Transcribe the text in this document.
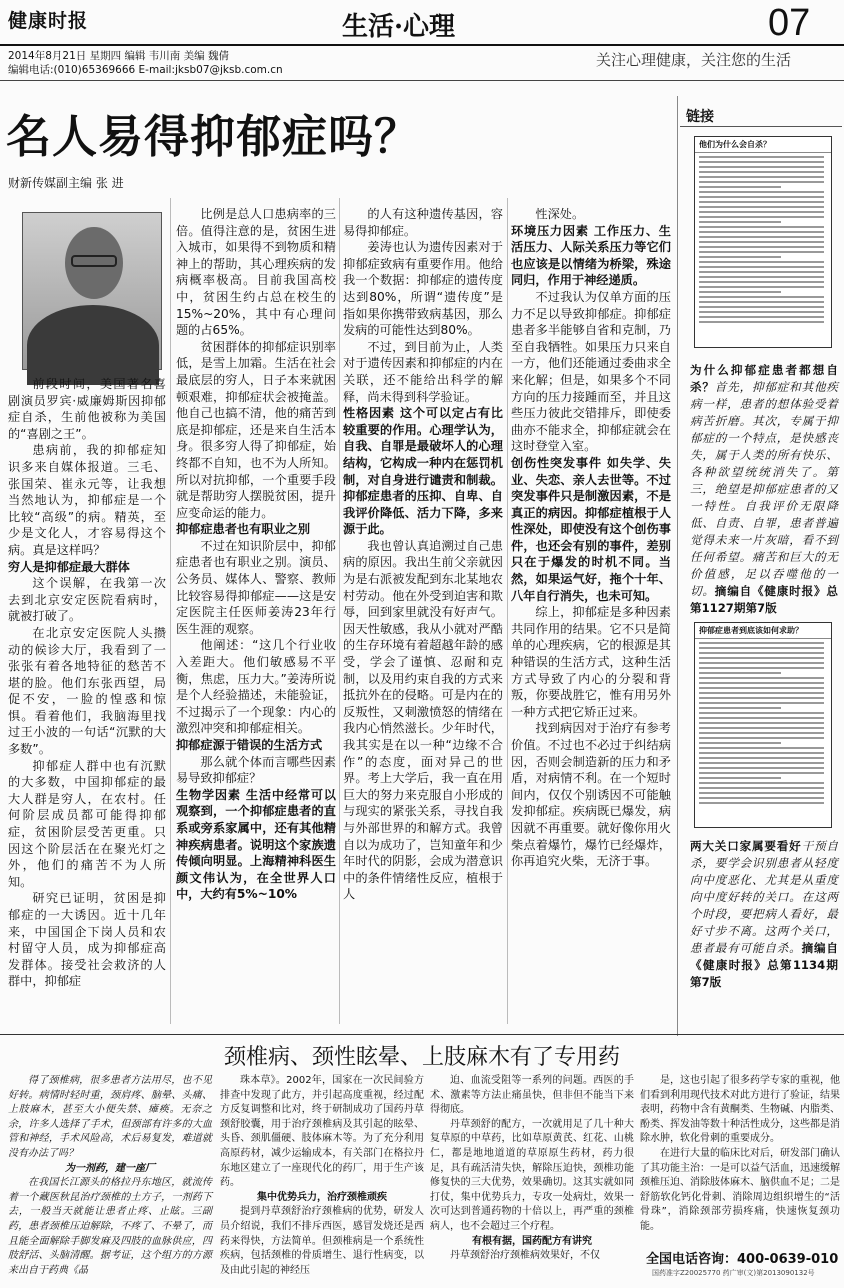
健康时报	生活·心理	07
2014年8月21日 星期四 编辑 韦川南 美编 魏倩
编辑电话:(010)65369666 E-mail:jksb07@jksb.com.cn
关注心理健康，关注您的生活
名人易得抑郁症吗？
财新传媒副主编 张 进

前段时间，美国著名喜剧演员罗宾·威廉姆斯因抑郁症自杀，生前他被称为美国的“喜剧之王”。

患病前，我的抑郁症知识多来自媒体报道。三毛、张国荣、崔永元等，让我想当然地认为，抑郁症是一个比较“高级”的病。精英，至少是文化人，才容易得这个病。真是这样吗？

穷人是抑郁症最大群体

这个误解，在我第一次去到北京安定医院看病时，就被打破了。

在北京安定医院人头攒动的候诊大厅，我看到了一张张有着各地特征的愁苦不堪的脸。他们东张西望，局促不安，一脸的惶惑和惊惧。看着他们，我脑海里找过王小波的一句话“沉默的大多数”。

抑郁症人群中也有沉默的大多数，中国抑郁症的最大人群是穷人，在农村。任何阶层成员都可能得抑郁症，贫困阶层受苦更重。只因这个阶层活在在聚光灯之外，他们的痛苦不为人所知。

研究已证明，贫困是抑郁症的一大诱因。近十几年来，中国国企下岗人员和农村留守人员，成为抑郁症高发群体。接受社会救济的人群中，抑郁症

比例是总人口患病率的三倍。值得注意的是，贫困生进入城市，如果得不到物质和精神上的帮助，其心理疾病的发病概率极高。目前我国高校中，贫困生约占总在校生的15%~20%，其中有心理问题的占65%。

贫困群体的抑郁症识别率低，是雪上加霜。生活在社会最底层的穷人，日子本来就困顿艰难，抑郁症状会被掩盖。他自己也搞不清，他的痛苦到底是抑郁症，还是来自生活本身。很多穷人得了抑郁症，始终都不自知，也不为人所知。所以对抗抑郁，一个重要手段就是帮助穷人摆脱贫困，提升应变命运的能力。

抑郁症患者也有职业之别

不过在知识阶层中，抑郁症患者也有职业之别。演员、公务员、媒体人、警察、教师比较容易得抑郁症——这是安定医院主任医师姜涛23年行医生涯的观察。

他阐述：“这几个行业收入差距大。他们敏感易不平衡，焦虑，压力大。”姜涛所说是个人经验描述，未能验证，不过揭示了一个现象：内心的激烈冲突和抑郁症相关。

抑郁症源于错误的生活方式

那么就个体而言哪些因素易导致抑郁症？

生物学因素 生活中经常可以观察到，一个抑郁症患者的直系或旁系家属中，还有其他精神疾病患者。说明这个家族遗传倾向明显。上海精神科医生颜文伟认为，在全世界人口中，大约有5%~10%

的人有这种遗传基因，容易得抑郁症。

姜涛也认为遗传因素对于抑郁症致病有重要作用。他给我一个数据：抑郁症的遗传度达到80%，所谓“遗传度”是指如果你携带致病基因，那么发病的可能性达到80%。

不过，到目前为止，人类对于遗传因素和抑郁症的内在关联，还不能给出科学的解释，尚未得到科学验证。

性格因素 这个可以定占有比较重要的作用。心理学认为，自我、自罪是最破坏人的心理结构，它构成一种内在惩罚机制，对自身进行谴责和制裁。抑郁症患者的压抑、自卑、自我评价降低、活力下降，多来源于此。

我也曾认真追溯过自己患病的原因。我出生前父亲就因为是右派被发配到东北某地农村劳动。他在外受到迫害和欺辱，回到家里就没有好声气。因天性敏感，我从小就对严酷的生存环境有着超越年龄的感受，学会了谨慎、忍耐和克制，以及用约束自我的方式来抵抗外在的侵略。可是内在的反叛性，又刺激愤怒的情绪在我内心悄然滋长。少年时代，我其实是在以一种“边缘不合作”的态度，面对异己的世界。考上大学后，我一直在用巨大的努力来克服自小形成的与现实的紧张关系，寻找自我与外部世界的和解方式。我曾自以为成功了，岂知童年和少年时代的阴影，会成为潜意识中的条件情绪性反应，植根于人

性深处。

环境压力因素 工作压力、生活压力、人际关系压力等它们也应该是以情绪为桥梁，殊途同归，作用于神经递质。

不过我认为仅单方面的压力不足以导致抑郁症。抑郁症患者多半能够自省和克制，乃至自我牺牲。如果压力只来自一方，他们还能通过委曲求全来化解；但是，如果多个不同方向的压力接踵而至，并且这些压力彼此交错排斥，即使委曲亦不能求全，抑郁症就会在这时登堂入室。

创伤性突发事件 如失学、失业、失恋、亲人去世等。不过突发事件只是制激因素，不是真正的病因。抑郁症植根于人性深处，即使没有这个创伤事件，也还会有别的事件，差别只在于爆发的时机不同。当然，如果运气好，拖个十年、八年自行消失，也未可知。

综上，抑郁症是多种因素共同作用的结果。它不只是简单的心理疾病，它的根源是其种错误的生活方式，这种生活方式导致了内心的分裂和背叛，你要战胜它，惟有用另外一种方式把它矫正过来。

找到病因对于治疗有参考价值。不过也不必过于纠结病因，否则会制造新的压力和矛盾，对病情不利。在一个短时间内，仅仅个别诱因不可能触发抑郁症。疾病既已爆发，病因就不再重要。就好像你用火柴点着爆竹，爆竹已经爆炸，你再追究火柴，无济于事。

链接
他们为什么会自杀？
为什么抑郁症患者都想自杀？首先，抑郁症和其他疾病一样，患者的想体验受着病苦折磨。其次，专属于抑郁症的一个特点，是快感丧失，属于人类的所有快乐、各种欲望统统消失了。第三，绝望是抑郁症患者的又一特性。自我评价无限降低、自责、自罪，患者普遍觉得未来一片灰暗，看不到任何希望。痛苦和巨大的无价值感，足以吞噬他的一切。摘编自《健康时报》总第1127期第7版
抑郁症患者到底该如何求助？
两大关口家属要看好干预自杀，要学会识别患者从轻度向中度恶化、尤其是从重度向中度好转的关口。在这两个时段，要把病人看好，最好寸步不离。这两个关口，患者最有可能自杀。摘编自《健康时报》总第1134期第7版
颈椎病、颈性眩晕、上肢麻木有了专用药

得了颈椎病，很多患者方法用尽，也不见好转。病情时轻时重，颈肩疼、脑晕、头痛、上肢麻木，甚至大小便失禁、瘫痪。无奈之余，许多人选择了手术，但颈部有许多的大血管和神经，手术风险高，术后易复发，难道就没有办法了吗？

为一剂药，建一座厂

在我国长江源头的格拉丹东地区，就流传着一个藏医秋昆治疗颈椎的土方子，一剂药下去，一般当天就能让患者止疼、止眩。三副药，患者颈椎压迫解除，不疼了、不晕了，而且能全面解除手脚发麻及四肢的血脉供应，四肢舒活、头脑清醒。据考证，这个组方的方源来出自于药典《晶

珠本草》。2002年，国家在一次民间验方排查中发现了此方，并引起高度重视，经过配方反复调整和比对，终于研制成功了国药丹草颈舒胶囊，用于治疗颈椎病及其引起的眩晕、头昏、颈肌僵硬、肢体麻木等。为了充分利用高原药材，减少运输成本，有关部门在格拉丹东地区建立了一座现代化的药厂，用于生产该药。

集中优势兵力，治疗颈椎顽疾

提到丹草颈舒治疗颈椎病的优势，研发人员介绍说，我们不排斥西医，感冒发烧还是西药来得快，方法简单。但颈椎病是一个系统性疾病，包括颈椎的骨质增生、退行性病变，以及由此引起的神经压

迫、血流受阻等一系列的问题。西医的手术、激素等方法止痛虽快，但非但不能当下来得彻底。

丹草颈舒的配方，一次就用足了几十种大复草原的中草药，比如草原黄芪、红花、山桃仁，都是地地道道的草原原生药材，药力很足，具有疏活清失快，解除压迫快，颈椎功能修复快的三大优势，效果确切。这其实就如同打仗，集中优势兵力，专攻一处病灶，效果一次可达到普通药物的十倍以上，再严重的颈椎病人，也不会超过三个疗程。

有根有据，国药配方有讲究

丹草颈舒治疗颈椎病效果好，不仅

是，这也引起了很多药学专家的重视，他们看到利用现代技术对此方进行了验证，结果表明，药物中含有黄酮类、生物碱、内脂类、酚类、挥发油等数十种活性成分，这些都是消除水肿，软化骨刺的重要成分。

在进行大量的临床比对后，研发部门确认了其功能主治：一是可以益气活血，迅速缓解颈椎压迫、消除肢体麻木、脑供血不足；二是舒筋软化钙化骨刺、消除周边组织增生的“活骨珠”，消除颈部劳损疼痛，快速恢复颈功能。

全国电话咨询：400-0639-010
国药准字Z20025770 药广审(文)第2013090132号
